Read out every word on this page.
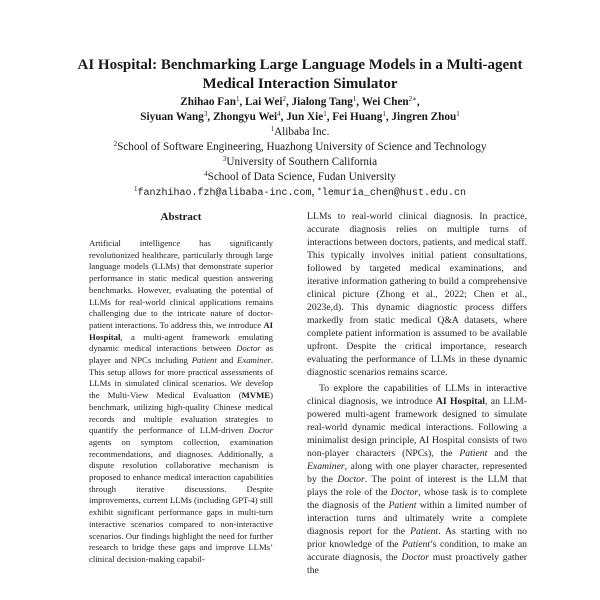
AI Hospital: Benchmarking Large Language Models in a Multi-agent
Medical Interaction Simulator
Zhihao Fan$^1$, Lai Wei$^2$, Jialong Tang$^1$, Wei Chen$^{2∗}$,
Siyuan Wang$^3$, Zhongyu Wei$^4$, Jun Xie$^1$, Fei Huang$^1$, Jingren Zhou$^1$
$^1$Alibaba Inc.
$^2$School of Software Engineering, Huazhong University of Science and Technology
$^3$University of Southern California
$^4$School of Data Science, Fudan University
$^1$fanzhihao.fzh@alibaba-inc.com, ∗lemuria_chen@hust.edu.cn
Abstract
Artificial intelligence has significantly revolutionized healthcare, particularly through large language models (LLMs) that demonstrate superior performance in static medical question answering benchmarks. However, evaluating the potential of LLMs for real-world clinical applications remains challenging due to the intricate nature of doctor-patient interactions. To address this, we introduce AI Hospital, a multi-agent framework emulating dynamic medical interactions between Doctor as player and NPCs including Patient and Examiner. This setup allows for more practical assessments of LLMs in simulated clinical scenarios. We develop the Multi-View Medical Evaluation (MVME) benchmark, utilizing high-quality Chinese medical records and multiple evaluation strategies to quantify the performance of LLM-driven Doctor agents on symptom collection, examination recommendations, and diagnoses. Additionally, a dispute resolution collaborative mechanism is proposed to enhance medical interaction capabilities through iterative discussions. Despite improvements, current LLMs (including GPT-4) still exhibit significant performance gaps in multi-turn interactive scenarios compared to non-interactive scenarios. Our findings highlight the need for further research to bridge these gaps and improve LLMs’ clinical decision-making capabil-

LLMs to real-world clinical diagnosis. In practice, accurate diagnosis relies on multiple turns of interactions between doctors, patients, and medical staff. This typically involves initial patient consultations, followed by targeted medical examinations, and iterative information gathering to build a comprehensive clinical picture (Zhong et al., 2022; Chen et al., 2023e,d). This dynamic diagnostic process differs markedly from static medical Q&A datasets, where complete patient information is assumed to be available upfront. Despite the critical importance, research evaluating the performance of LLMs in these dynamic diagnostic scenarios remains scarce.

To explore the capabilities of LLMs in interactive clinical diagnosis, we introduce AI Hospital, an LLM-powered multi-agent framework designed to simulate real-world dynamic medical interactions. Following a minimalist design principle, AI Hospital consists of two non-player characters (NPCs), the Patient and the Examiner, along with one player character, represented by the Doctor. The point of interest is the LLM that plays the role of the Doctor, whose task is to complete the diagnosis of the Patient within a limited number of interaction turns and ultimately write a complete diagnosis report for the Patient. As starting with no prior knowledge of the Patient’s condition, to make an accurate diagnosis, the Doctor must proactively gather the
